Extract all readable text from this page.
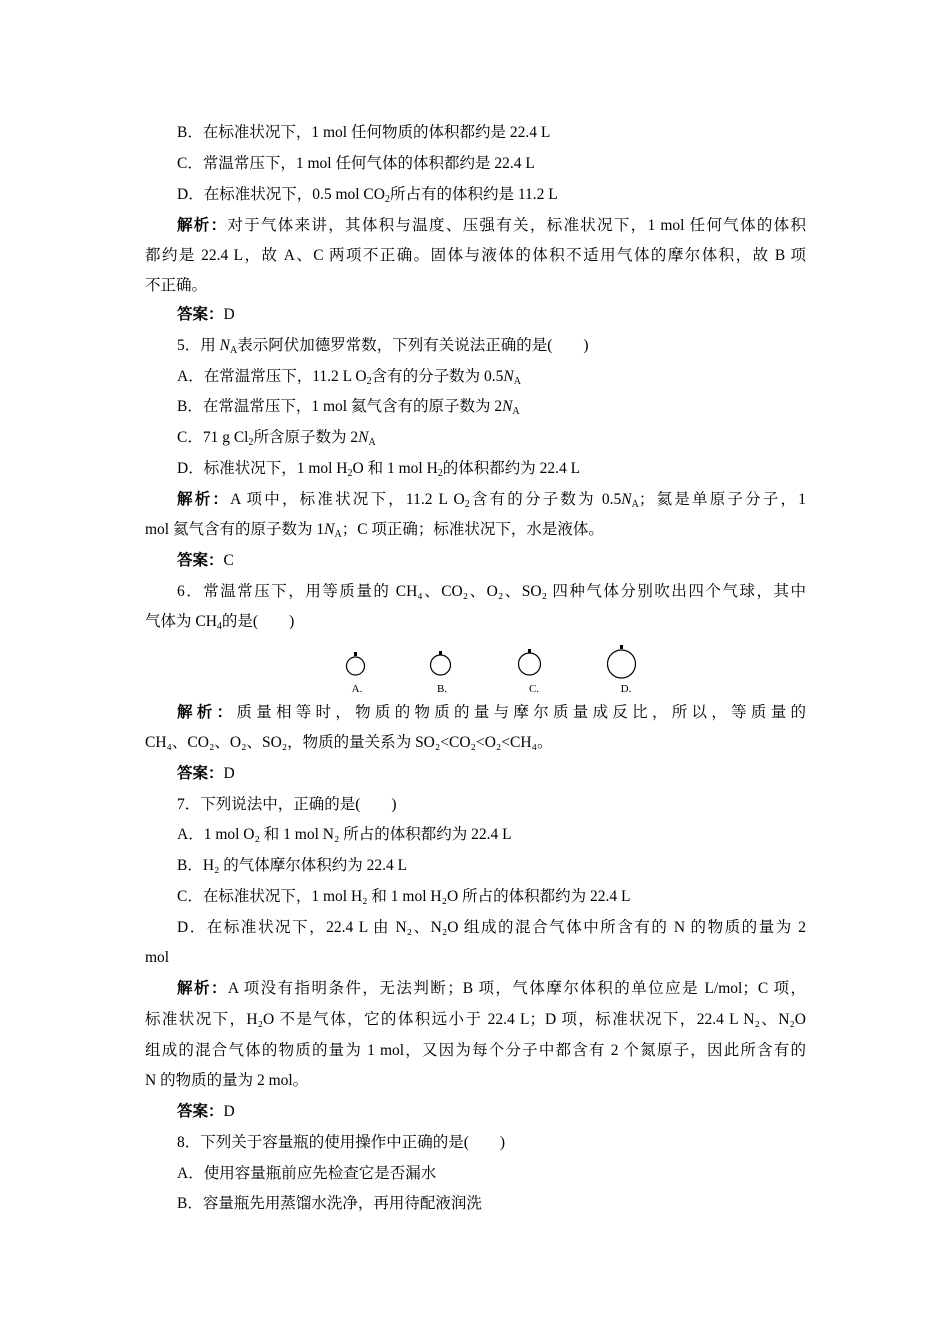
B．在标准状况下，1 mol 任何物质的体积都约是 22.4 L
C．常温常压下，1 mol 任何气体的体积都约是 22.4 L
D．在标准状况下，0.5 mol $CO_2$所占有的体积约是 11.2 L
解析：对于气体来讲，其体积与温度、压强有关，标准状况下，1 mol 任何气体的体积
都约是 22.4 L，故 A、C 两项不正确。固体与液体的体积不适用气体的摩尔体积，故 B 项
不正确。
答案：D
5．用 $N_A$表示阿伏加德罗常数，下列有关说法正确的是(　　)
A．在常温常压下，11.2 L $O_2$含有的分子数为 $0.5N_A$
B．在常温常压下，1 mol 氦气含有的原子数为 $2N_A$
C．71 g $Cl_2$所含原子数为 $2N_A$
D．标准状况下，1 mol $H_2O$ 和 1 mol $H_2$的体积都约为 22.4 L
解析：A 项中，标准状况下，11.2 L $O_2$含有的分子数为 $0.5N_A$；氦是单原子分子，1
mol 氦气含有的原子数为 $1N_A$；C 项正确；标准状况下，水是液体。
答案：C
6．常温常压下，用等质量的 CH₄、CO₂、O₂、SO₂ 四种气体分别吹出四个气球，其中
气体为 $CH_4$的是(　　)
A.	B.	C.	D.
解析：质量相等时，物质的物质的量与摩尔质量成反比，所以，等质量的
CH₄、CO₂、O₂、SO₂，物质的量关系为 SO₂<CO₂<O₂<CH₄。
答案：D
7．下列说法中，正确的是(　　)
A．1 mol O₂ 和 1 mol N₂ 所占的体积都约为 22.4 L
B．H₂ 的气体摩尔体积约为 22.4 L
C．在标准状况下，1 mol H₂ 和 1 mol H₂O 所占的体积都约为 22.4 L
D．在标准状况下，22.4 L 由 N₂、N₂O 组成的混合气体中所含有的 N 的物质的量为 2
mol
解析：A 项没有指明条件，无法判断；B 项，气体摩尔体积的单位应是 L/mol；C 项，
标准状况下，H₂O 不是气体，它的体积远小于 22.4 L；D 项，标准状况下，22.4 L N₂、N₂O
组成的混合气体的物质的量为 1 mol，又因为每个分子中都含有 2 个氮原子，因此所含有的
N 的物质的量为 2 mol。
答案：D
8．下列关于容量瓶的使用操作中正确的是(　　)
A．使用容量瓶前应先检查它是否漏水
B．容量瓶先用蒸馏水洗净，再用待配液润洗
